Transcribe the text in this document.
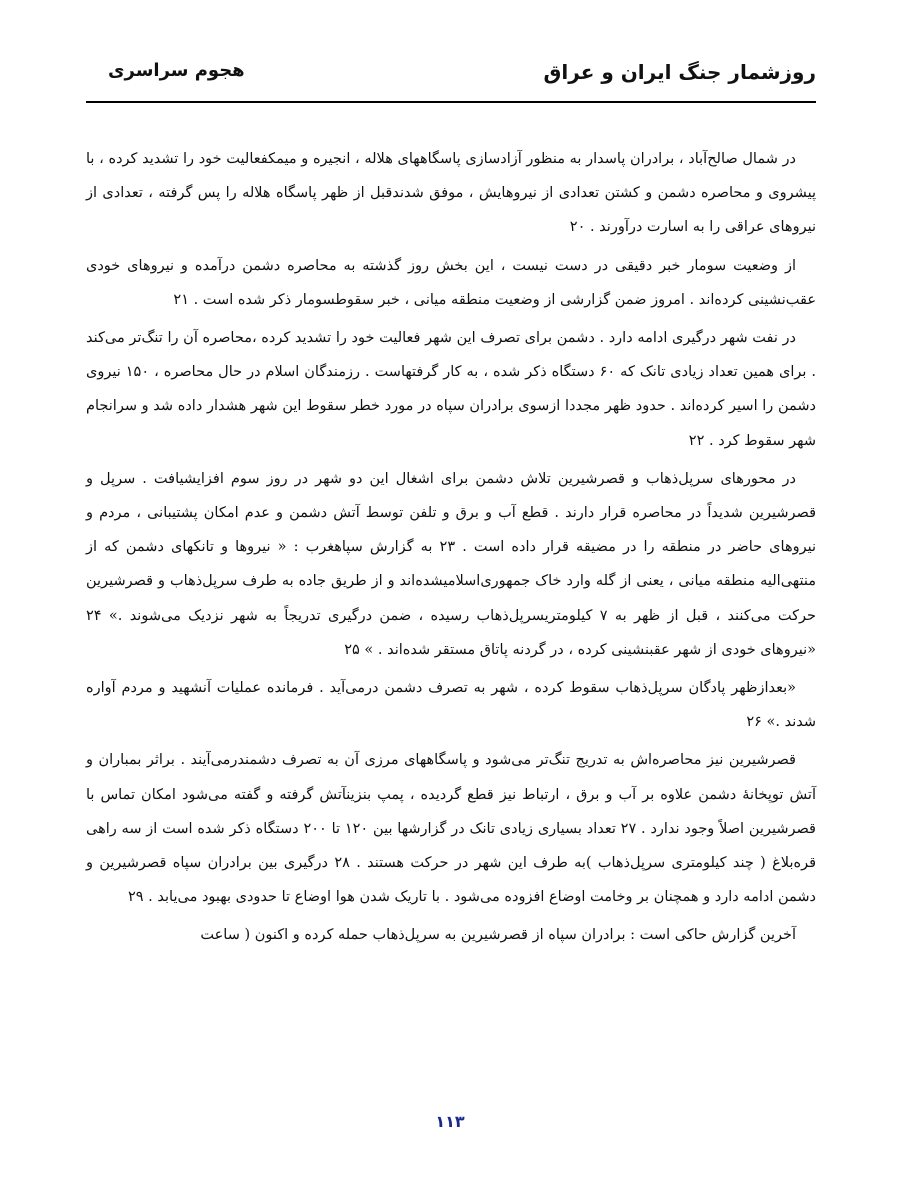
روزشمار جنگ ایران و عراق
هجوم سراسری

در شمال صالح‌آباد ، برادران پاسدار به منظور آزادسازی پاسگاههای هلاله ، انجیره و میمکفعالیت خود را تشدید کرده ، با پیشروی و محاصره دشمن و کشتن تعدادی از نیروهایش ، موفق شدندقبل از ظهر پاسگاه هلاله را پس گرفته ، تعدادی از نیروهای عراقی را به اسارت درآورند . ۲۰

از وضعیت سومار خبر دقیقی در دست نیست ، این بخش روز گذشته به محاصره دشمن درآمده و نیروهای خودی عقب‌نشینی کرده‌اند . امروز ضمن گزارشی از وضعیت منطقه میانی ، خبر سقوطسومار ذکر شده است . ۲۱

در نفت شهر درگیری ادامه دارد . دشمن برای تصرف این شهر فعالیت خود را تشدید کرده ،محاصره آن را تنگ‌تر می‌کند . برای همین تعداد زیادی تانک که ۶۰ دستگاه ذکر شده ، به کار گرفتهاست . رزمندگان اسلام در حال محاصره ، ۱۵۰ نیروی دشمن را اسیر کرده‌اند . حدود ظهر مجددا ازسوی برادران سپاه در مورد خطر سقوط این شهر هشدار داده شد و سرانجام شهر سقوط کرد . ۲۲

در محورهای سرپل‌ذهاب و قصرشیرین تلاش دشمن برای اشغال این دو شهر در روز سوم افزایشیافت . سرپل و قصرشیرین شدیداً در محاصره قرار دارند . قطع آب و برق و تلفن توسط آتش دشمن و عدم امکان پشتیبانی ، مردم و نیروهای حاضر در منطقه را در مضیقه قرار داده است . ۲۳ به گزارش سپاهغرب : « نیروها و تانکهای دشمن که از منتهی‌الیه منطقه میانی ، یعنی از گله وارد خاک جمهوری‌اسلامیشده‌اند و از طریق جاده به طرف سرپل‌ذهاب و قصرشیرین حرکت می‌کنند ، قبل از ظهر به ۷ کیلومتریسرپل‌ذهاب رسیده ، ضمن درگیری تدریجاً به شهر نزدیک می‌شوند .» ۲۴ «نیروهای خودی از شهر عقبنشینی کرده ، در گردنه پاتاق مستقر شده‌اند . » ۲۵

«بعدازظهر پادگان سرپل‌ذهاب سقوط کرده ، شهر به تصرف دشمن درمی‌آید . فرمانده عملیات آنشهید و مردم آواره شدند .» ۲۶

قصرشیرین نیز محاصره‌اش به تدریج تنگ‌تر می‌شود و پاسگاههای مرزی آن به تصرف دشمندرمی‌آیند . براثر بمباران و آتش توپخانهٔ دشمن علاوه بر آب و برق ، ارتباط نیز قطع گردیده ، پمپ بنزینآتش گرفته و گفته می‌شود امکان تماس با قصرشیرین اصلاً وجود ندارد . ۲۷ تعداد بسیاری زیادی تانک در گزارشها بین ۱۲۰ تا ۲۰۰ دستگاه ذکر شده است از سه راهی قره‌بلاغ ( چند کیلومتری سرپل‌ذهاب )به طرف این شهر در حرکت هستند . ۲۸ درگیری بین برادران سپاه قصرشیرین و دشمن ادامه دارد و همچنان بر وخامت اوضاع افزوده می‌شود . با تاریک شدن هوا اوضاع تا حدودی بهبود می‌یابد . ۲۹

آخرین گزارش حاکی است : برادران سپاه از قصرشیرین به سرپل‌ذهاب حمله کرده و اکنون ( ساعت

۱۱۳
